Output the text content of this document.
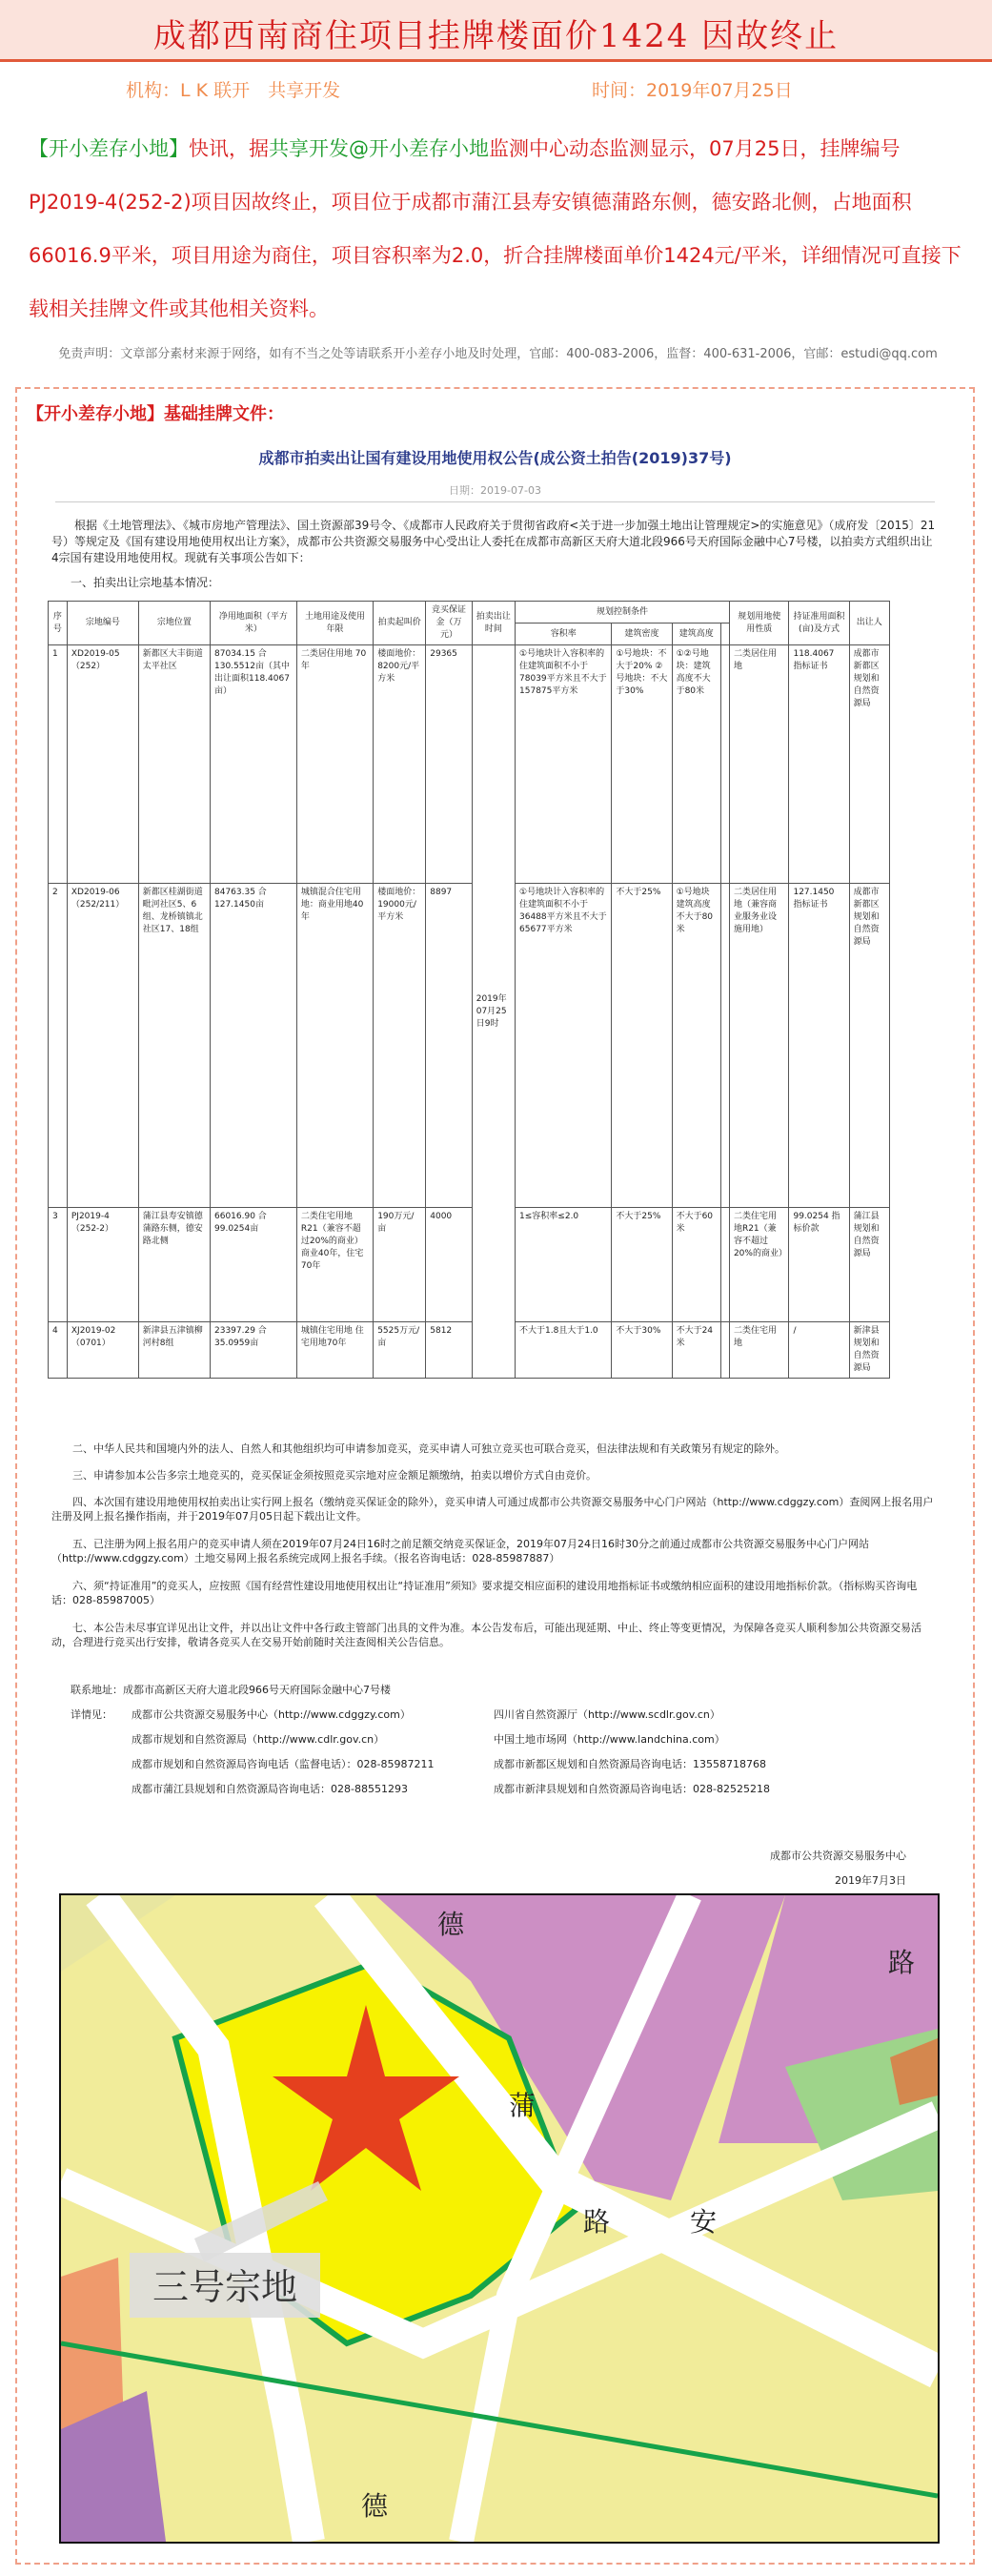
成都西南商住项目挂牌楼面价1424 因故终止
机构：L K 联开　共享开发	时间：2019年07月25日
【开小差存小地】快讯，据共享开发@开小差存小地监测中心动态监测显示，07月25日，挂牌编号PJ2019-4(252-2)项目因故终止，项目位于成都市蒲江县寿安镇德蒲路东侧，德安路北侧，占地面积66016.9平米，项目用途为商住，项目容积率为2.0，折合挂牌楼面单价1424元/平米，详细情况可直接下载相关挂牌文件或其他相关资料。
免责声明：文章部分素材来源于网络，如有不当之处等请联系开小差存小地及时处理，官邮：400-083-2006，监督：400-631-2006，官邮：estudi@qq.com
【开小差存小地】基础挂牌文件：
成都市拍卖出让国有建设用地使用权公告(成公资土拍告(2019)37号)
日期：2019-07-03
根据《土地管理法》、《城市房地产管理法》、国土资源部39号令、《成都市人民政府关于贯彻省政府<关于进一步加强土地出让管理规定>的实施意见》（成府发〔2015〕21号）等规定及《国有建设用地使用权出让方案》，成都市公共资源交易服务中心受出让人委托在成都市高新区天府大道北段966号天府国际金融中心7号楼，以拍卖方式组织出让4宗国有建设用地使用权。现就有关事项公告如下：
一、拍卖出让宗地基本情况：
序号	宗地编号	宗地位置	净用地面积（平方米）	土地用途及使用年限	拍卖起叫价	竞买保证金（万元）	拍卖出让时间	规划控制条件				规划用地使用性质	持证准用面积(亩)及方式	出让人
								容积率	建筑密度	建筑高度				
1	XD2019-05（252）	新都区大丰街道太平社区	87034.15 合130.5512亩（其中出让面积118.4067亩）	二类居住用地 70年	楼面地价：8200元/平方米	29365	2019年07月25日9时	①号地块计入容积率的住建筑面积不小于78039平方米且不大于157875平方米	①号地块：不大于20% ②号地块：不大于30%	①②号地块：建筑高度不大于80米		二类居住用地	118.4067 指标证书	成都市新都区规划和自然资源局
2	XD2019-06（252/211）	新都区桂湖街道毗河社区5、6组、龙桥镇镇北社区17、18组	84763.35 合127.1450亩	城镇混合住宅用地：商业用地40年	楼面地价：19000元/平方米	8897		①号地块计入容积率的住建筑面积不小于36488平方米且不大于65677平方米	不大于25%	①号地块建筑高度不大于80米		二类居住用地（兼容商业服务业设施用地）	127.1450 指标证书	成都市新都区规划和自然资源局
3	PJ2019-4（252-2）	蒲江县寿安镇德蒲路东侧，德安路北侧	66016.90 合99.0254亩	二类住宅用地R21（兼容不超过20%的商业）商业40年，住宅70年	190万元/亩	4000		1≤容积率≤2.0	不大于25%	不大于60米		二类住宅用地R21（兼容不超过20%的商业）	99.0254 指标价款	蒲江县规划和自然资源局
4	XJ2019-02（0701）	新津县五津镇柳河村8组	23397.29 合35.0959亩	城镇住宅用地 住宅用地70年	5525万元/亩	5812		不大于1.8且大于1.0	不大于30%	不大于24米		二类住宅用地	/	新津县规划和自然资源局
二、中华人民共和国境内外的法人、自然人和其他组织均可申请参加竞买，竞买申请人可独立竞买也可联合竞买，但法律法规和有关政策另有规定的除外。
三、申请参加本公告多宗土地竞买的，竞买保证金须按照竞买宗地对应金额足额缴纳，拍卖以增价方式自由竞价。
四、本次国有建设用地使用权拍卖出让实行网上报名（缴纳竞买保证金的除外），竞买申请人可通过成都市公共资源交易服务中心门户网站（http://www.cdggzy.com）查阅网上报名用户注册及网上报名操作指南，并于2019年07月05日起下载出让文件。
五、已注册为网上报名用户的竞买申请人须在2019年07月24日16时之前足额交纳竞买保证金，2019年07月24日16时30分之前通过成都市公共资源交易服务中心门户网站（http://www.cdggzy.com）土地交易网上报名系统完成网上报名手续。（报名咨询电话：028-85987887）
六、须“持证准用”的竞买人，应按照《国有经营性建设用地使用权出让“持证准用”须知》要求提交相应面积的建设用地指标证书或缴纳相应面积的建设用地指标价款。（指标购买咨询电话：028-85987005）
七、本公告未尽事宜详见出让文件，并以出让文件中各行政主管部门出具的文件为准。本公告发布后，可能出现延期、中止、终止等变更情况，为保障各竞买人顺利参加公共资源交易活动，合理进行竞买出行安排，敬请各竞买人在交易开始前随时关注查阅相关公告信息。
联系地址：成都市高新区天府大道北段966号天府国际金融中心7号楼
详情见： 成都市公共资源交易服务中心（http://www.cdggzy.com）
成都市规划和自然资源局（http://www.cdlr.gov.cn）
成都市规划和自然资源局咨询电话（监督电话）：028-85987211
成都市蒲江县规划和自然资源局咨询电话：028-88551293
四川省自然资源厅（http://www.scdlr.gov.cn）
中国土地市场网（http://www.landchina.com）
成都市新都区规划和自然资源局咨询电话：13558718768
成都市新津县规划和自然资源局咨询电话：028-82525218
成都市公共资源交易服务中心
2019年7月3日
三号宗地
德
蒲
路	安
路
德
